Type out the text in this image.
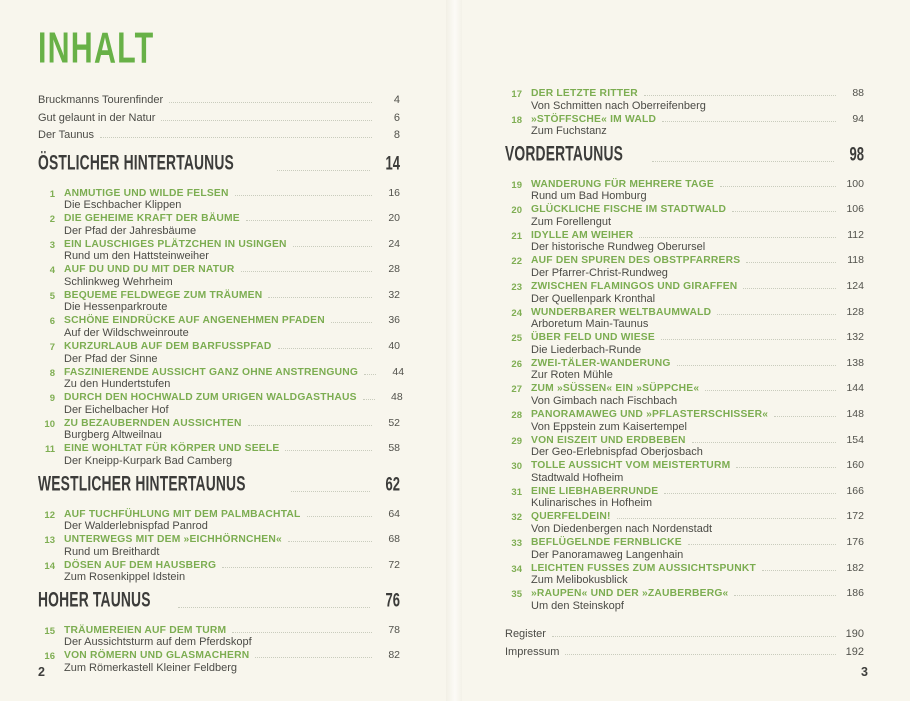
INHALT
Bruckmanns Tourenfinder	4
Gut gelaunt in der Natur	6
Der Taunus	8
ÖSTLICHER HINTERTAUNUS	14
1 ANMUTIGE UND WILDE FELSEN	16
Die Eschbacher Klippen
2 DIE GEHEIME KRAFT DER BÄUME	20
Der Pfad der Jahresbäume
3 EIN LAUSCHIGES PLÄTZCHEN IN USINGEN	24
Rund um den Hattsteinweiher
4 AUF DU UND DU MIT DER NATUR	28
Schlinkweg Wehrheim
5 BEQUEME FELDWEGE ZUM TRÄUMEN	32
Die Hessenparkroute
6 SCHÖNE EINDRÜCKE AUF ANGENEHMEN PFADEN	36
Auf der Wildschweinroute
7 KURZURLAUB AUF DEM BARFUSSPFAD	40
Der Pfad der Sinne
8 FASZINIERENDE AUSSICHT GANZ OHNE ANSTRENGUNG	44
Zu den Hundertstufen
9 DURCH DEN HOCHWALD ZUM URIGEN WALDGASTHAUS	48
Der Eichelbacher Hof
10 ZU BEZAUBERNDEN AUSSICHTEN	52
Burgberg Altweilnau
11 EINE WOHLTAT FÜR KÖRPER UND SEELE	58
Der Kneipp-Kurpark Bad Camberg
WESTLICHER HINTERTAUNUS	62
12 AUF TUCHFÜHLUNG MIT DEM PALMBACHTAL	64
Der Walderlebnispfad Panrod
13 UNTERWEGS MIT DEM »EICHHÖRNCHEN«	68
Rund um Breithardt
14 DÖSEN AUF DEM HAUSBERG	72
Zum Rosenkippel Idstein
HOHER TAUNUS	76
15 TRÄUMEREIEN AUF DEM TURM	78
Der Aussichtsturm auf dem Pferdskopf
16 VON RÖMERN UND GLASMACHERN	82
Zum Römerkastell Kleiner Feldberg
2
17 DER LETZTE RITTER	88
Von Schmitten nach Oberreifenberg
18 »STÖFFSCHE« IM WALD	94
Zum Fuchstanz
VORDERTAUNUS	98
19 WANDERUNG FÜR MEHRERE TAGE	100
Rund um Bad Homburg
20 GLÜCKLICHE FISCHE IM STADTWALD	106
Zum Forellengut
21 IDYLLE AM WEIHER	112
Der historische Rundweg Oberursel
22 AUF DEN SPUREN DES OBSTPFARRERS	118
Der Pfarrer-Christ-Rundweg
23 ZWISCHEN FLAMINGOS UND GIRAFFEN	124
Der Quellenpark Kronthal
24 WUNDERBARER WELTBAUMWALD	128
Arboretum Main-Taunus
25 ÜBER FELD UND WIESE	132
Die Liederbach-Runde
26 ZWEI-TÄLER-WANDERUNG	138
Zur Roten Mühle
27 ZUM »SÜSSEN« EIN »SÜPPCHE«	144
Von Gimbach nach Fischbach
28 PANORAMAWEG UND »PFLASTERSCHISSER«	148
Von Eppstein zum Kaisertempel
29 VON EISZEIT UND ERDBEBEN	154
Der Geo-Erlebnispfad Oberjosbach
30 TOLLE AUSSICHT VOM MEISTERTURM	160
Stadtwald Hofheim
31 EINE LIEBHABERRUNDE	166
Kulinarisches in Hofheim
32 QUERFELDEIN!	172
Von Diedenbergen nach Nordenstadt
33 BEFLÜGELNDE FERNBLICKE	176
Der Panoramaweg Langenhain
34 LEICHTEN FUSSES ZUM AUSSICHTSPUNKT	182
Zum Melibokusblick
35 »RAUPEN« UND DER »ZAUBERBERG«	186
Um den Steinskopf
Register	190
Impressum	192
3
